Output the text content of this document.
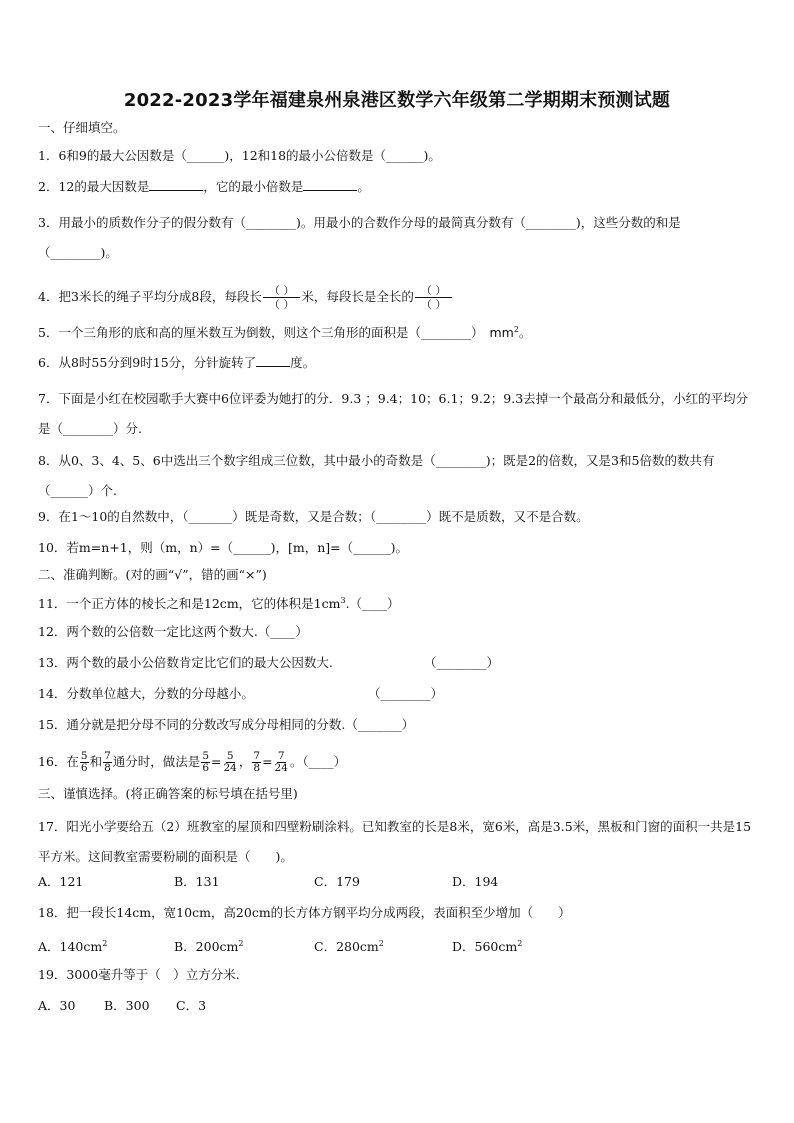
2022-2023学年福建泉州泉港区数学六年级第二学期期末预测试题
一、仔细填空。
1．6和9的最大公因数是（______)，12和18的最小公倍数是（______)。
2．12的最大因数是	，它的最小倍数是	。
3．用最小的质数作分子的假分数有（________)。用最小的合数作分母的最简真分数有（________)，这些分数的和是（________)。
4．把3米长的绳子平均分成8段，每段长 $\frac{( )}{( )}$ 米，每段长是全长的 $\frac{( )}{( )}$
5．一个三角形的底和高的厘米数互为倒数，则这个三角形的面积是（________） $mm^2$。
6．从8时55分到9时15分，分针旋转了	度。
7．下面是小红在校园歌手大赛中6位评委为她打的分．9.3 ；9.4；10；6.1；9.2；9.3去掉一个最高分和最低分，小红的平均分是（________）分.
8．从0、3、4、5、6中选出三个数字组成三位数，其中最小的奇数是（________)；既是2的倍数，又是3和5倍数的数共有（______）个.
9．在1～10的自然数中，（_______）既是奇数，又是合数；（________）既不是质数，又不是合数。
10．若m=n+1，则（m，n）=（______)，[m，n]=（______)。
二、准确判断。(对的画“√”，错的画“×”)
11．一个正方体的棱长之和是12cm，它的体积是$1cm^3.(\_\_\_\_)$
12．两个数的公倍数一定比这两个数大.（____）
13．两个数的最小公倍数肯定比它们的最大公因数大.	（________）
14．分数单位越大，分数的分母越小。	（________）
15．通分就是把分母不同的分数改写成分母相同的分数.（_______）
16．在 $\frac{5}{6}$ 和 $\frac{7}{8}$ 通分时，做法是 $\frac{5}{6} = \frac{5}{24}$ ， $\frac{7}{8} = \frac{7}{24}$ 。（____）
三、谨慎选择。(将正确答案的标号填在括号里)
17．阳光小学要给五（2）班教室的屋顶和四壁粉刷涂料。已知教室的长是8米，宽6米，高是3.5米，黑板和门窗的面积一共是15平方米。这间教室需要粉刷的面积是（　　)。
A．121	B．131	C．179	D．194
18．把一段长14cm，宽10cm，高20cm的长方体方钢平均分成两段，表面积至少增加（　　）
A．$140cm^2$	B．$200cm^2$	C．$280cm^2$	D．$560cm^2$
19．3000毫升等于（　）立方分米.
A．30 B．300 C．3
